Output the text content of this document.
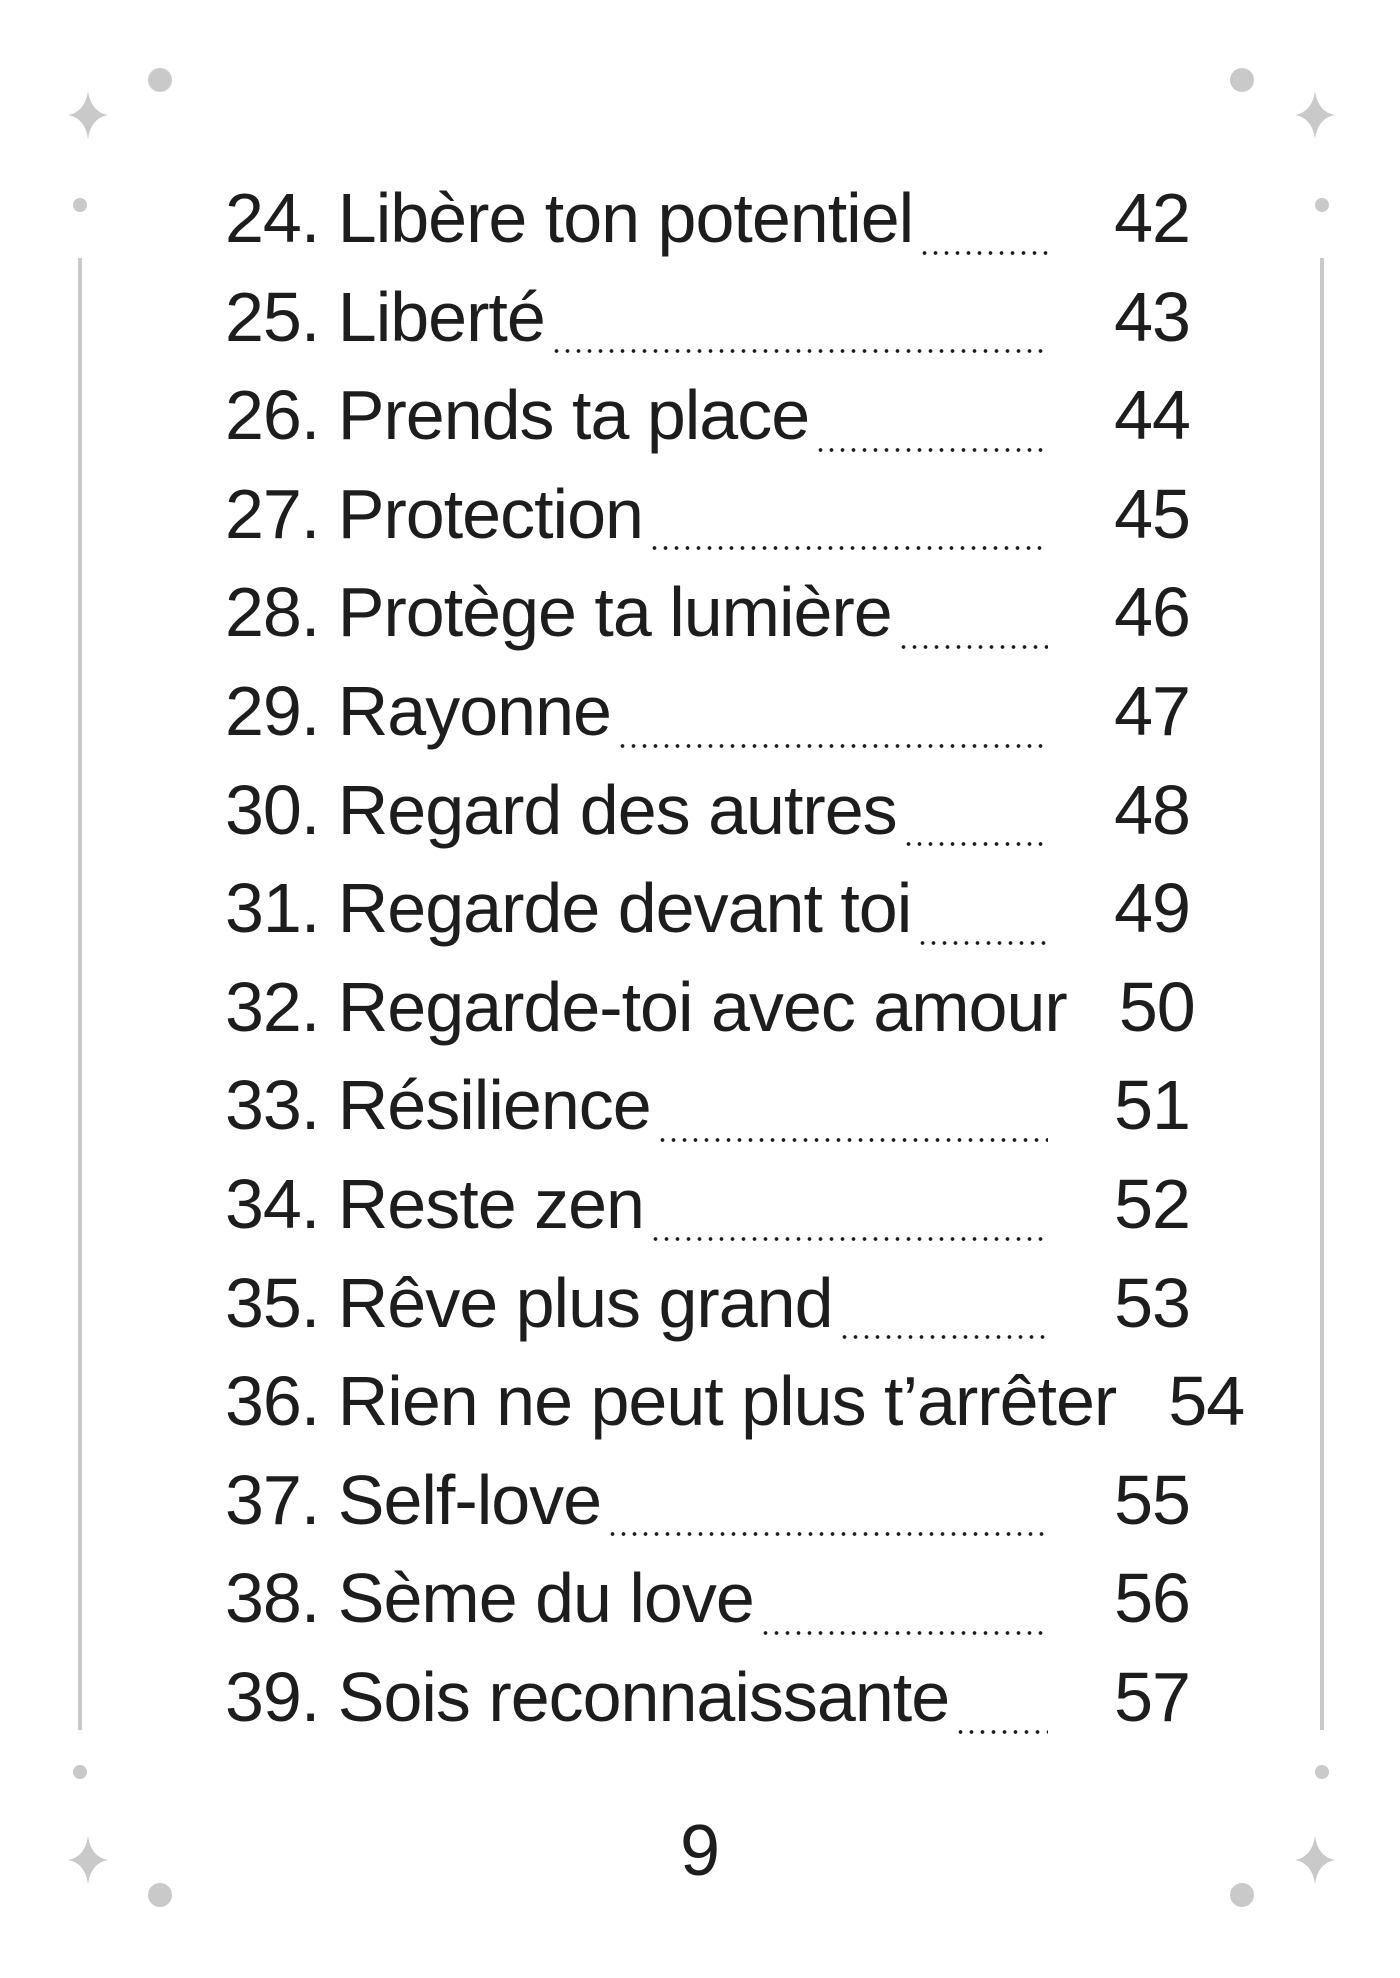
24. Libère ton potentiel	42
25. Liberté	43
26. Prends ta place	44
27. Protection	45
28. Protège ta lumière	46
29. Rayonne	47
30. Regard des autres	48
31. Regarde devant toi	49
32. Regarde-toi avec amour 50
33. Résilience	51
34. Reste zen	52
35. Rêve plus grand	53
36. Rien ne peut plus t’arrêter 54
37. Self-love	55
38. Sème du love	56
39. Sois reconnaissante 57
9
